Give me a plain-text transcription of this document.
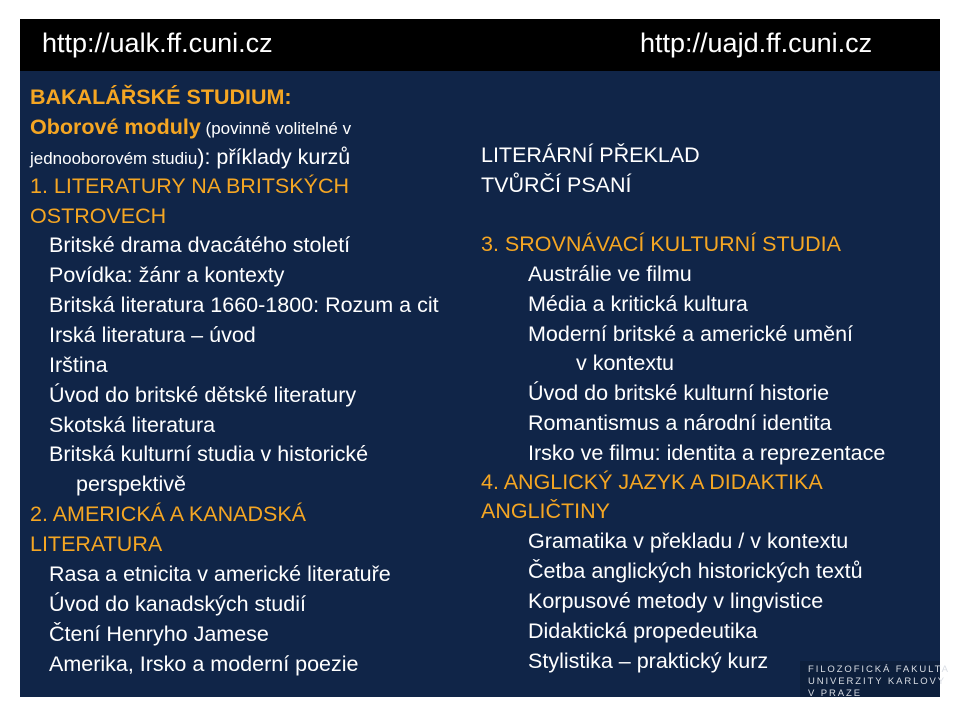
http://ualk.ff.cuni.cz	http://uajd.ff.cuni.cz
BAKALÁŘSKÉ STUDIUM:
Oborové moduly (povinně volitelné v
jednooborovém studiu): příklady kurzů
1. LITERATURY NA BRITSKÝCH
OSTROVECH
Britské drama dvacátého století
Povídka: žánr a kontexty
Britská literatura 1660-1800: Rozum a cit
Irská literatura – úvod
Irština
Úvod do britské dětské literatury
Skotská literatura
Britská kulturní studia v historické
perspektivě
2. AMERICKÁ A KANADSKÁ
LITERATURA
Rasa a etnicita v americké literatuře
Úvod do kanadských studií
Čtení Henryho Jamese
Amerika, Irsko a moderní poezie
LITERÁRNÍ PŘEKLAD
TVŮRČÍ PSANÍ
3. SROVNÁVACÍ KULTURNÍ STUDIA
Austrálie ve filmu
Média a kritická kultura
Moderní britské a americké umění
v kontextu
Úvod do britské kulturní historie
Romantismus a národní identita
Irsko ve filmu: identita a reprezentace
4. ANGLICKÝ JAZYK A DIDAKTIKA
ANGLIČTINY
Gramatika v překladu / v kontextu
Četba anglických historických textů
Korpusové metody v lingvistice
Didaktická propedeutika
Stylistika – praktický kurz	FILOZOFICKÁ FAKULTA
UNIVERZITY KARLOVY
V PRAZE
